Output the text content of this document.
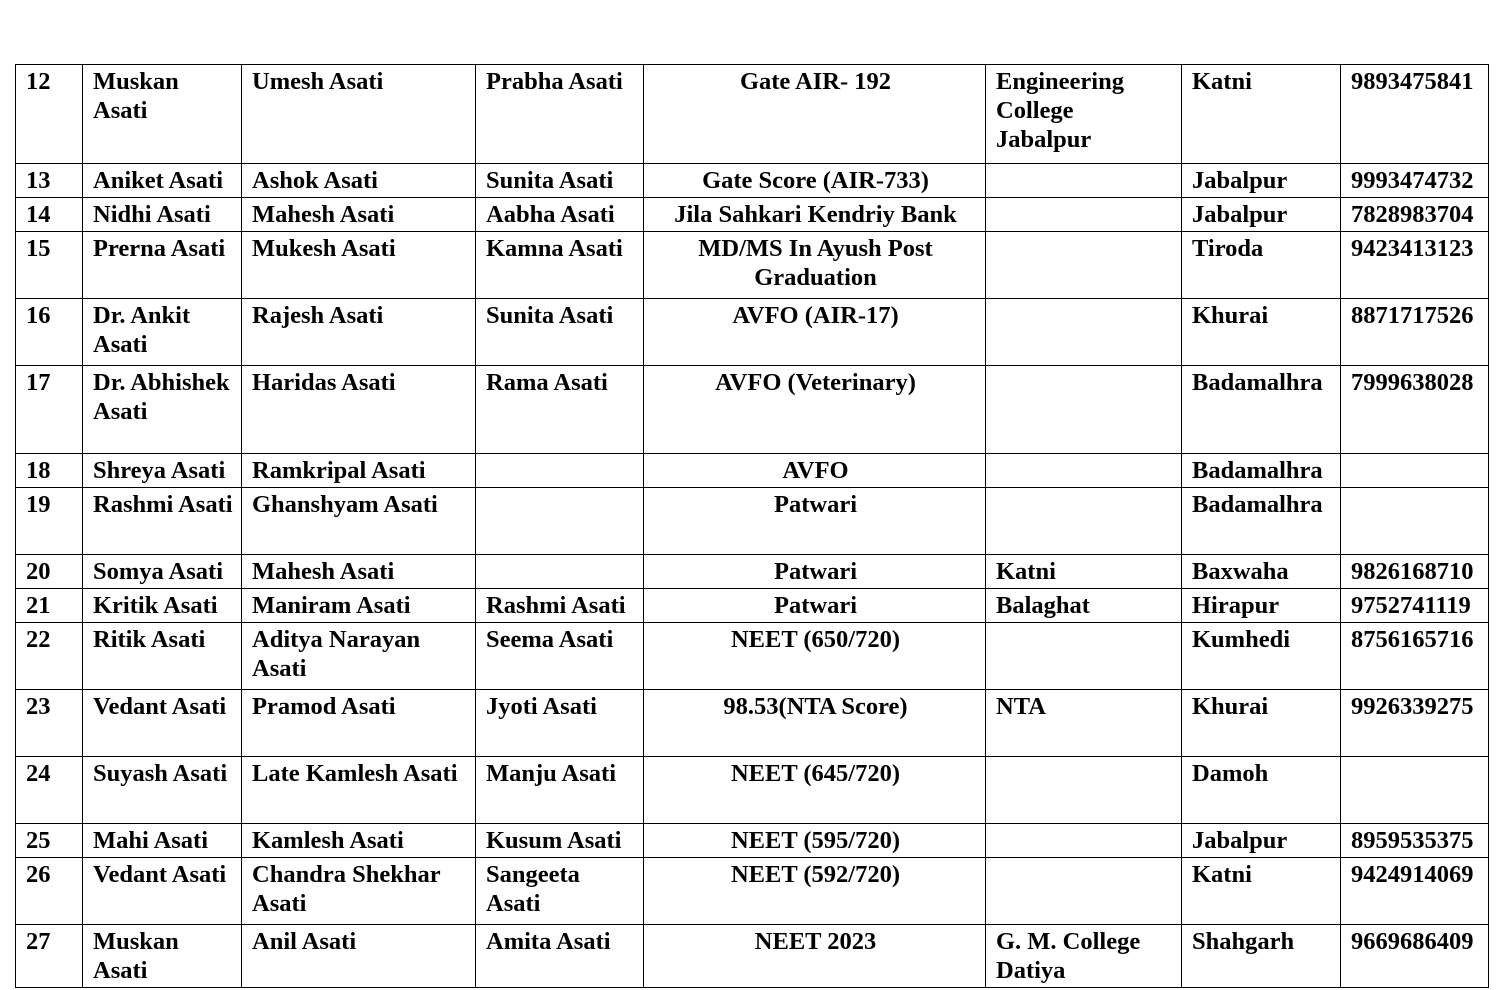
12	Muskan Asati	Umesh Asati	Prabha Asati	Gate AIR- 192	Engineering College Jabalpur	Katni	9893475841
13	Aniket Asati	Ashok Asati	Sunita Asati	Gate Score (AIR-733)		Jabalpur	9993474732
14	Nidhi Asati	Mahesh Asati	Aabha Asati	Jila Sahkari Kendriy Bank		Jabalpur	7828983704
15	Prerna Asati	Mukesh Asati	Kamna Asati	MD/MS In Ayush Post Graduation		Tiroda	9423413123
16	Dr. Ankit Asati	Rajesh Asati	Sunita Asati	AVFO (AIR-17)		Khurai	8871717526
17	Dr. Abhishek Asati	Haridas Asati	Rama Asati	AVFO (Veterinary)		Badamalhra	7999638028
18	Shreya Asati	Ramkripal Asati		AVFO		Badamalhra	
19	Rashmi Asati	Ghanshyam Asati		Patwari		Badamalhra	
20	Somya Asati	Mahesh Asati		Patwari	Katni	Baxwaha	9826168710
21	Kritik Asati	Maniram Asati	Rashmi Asati	Patwari	Balaghat	Hirapur	9752741119
22	Ritik Asati	Aditya Narayan Asati	Seema Asati	NEET (650/720)		Kumhedi	8756165716
23	Vedant Asati	Pramod Asati	Jyoti Asati	98.53(NTA Score)	NTA	Khurai	9926339275
24	Suyash Asati	Late Kamlesh Asati	Manju Asati	NEET (645/720)		Damoh	
25	Mahi Asati	Kamlesh Asati	Kusum Asati	NEET (595/720)		Jabalpur	8959535375
26	Vedant Asati	Chandra Shekhar Asati	Sangeeta Asati	NEET (592/720)		Katni	9424914069
27	Muskan Asati	Anil Asati	Amita Asati	NEET 2023	G. M. College Datiya	Shahgarh	9669686409
